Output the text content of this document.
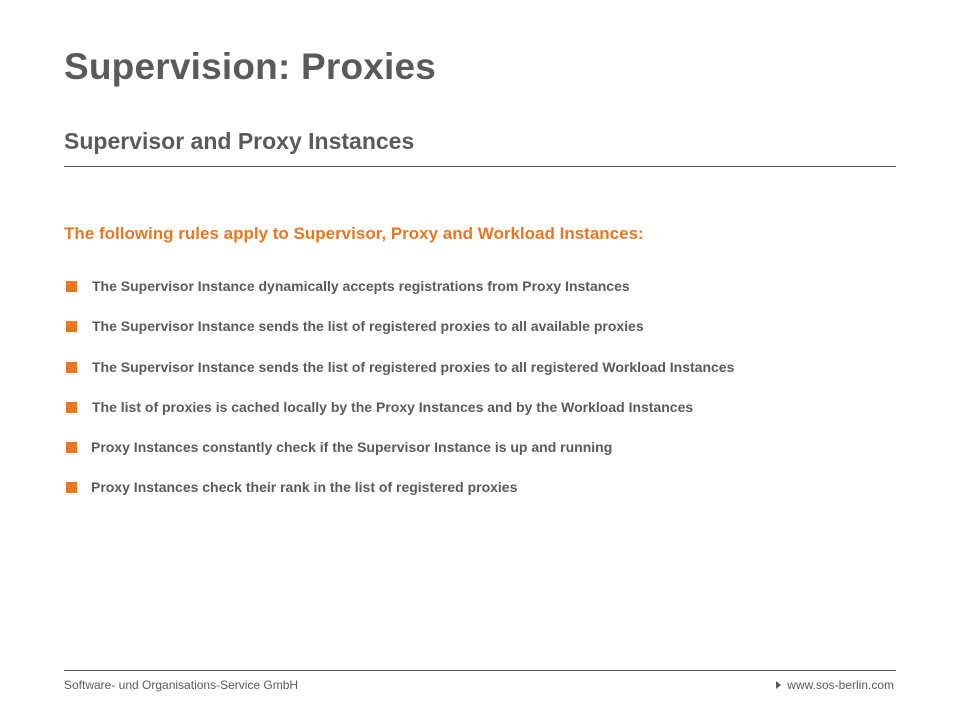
Supervision: Proxies
Supervisor and Proxy Instances

The following rules apply to Supervisor, Proxy and Workload Instances:

The Supervisor Instance dynamically accepts registrations from Proxy Instances
The Supervisor Instance sends the list of registered proxies to all available proxies
The Supervisor Instance sends the list of registered proxies to all registered Workload Instances
The list of proxies is cached locally by the Proxy Instances and by the Workload Instances
Proxy Instances constantly check if the Supervisor Instance is up and running
Proxy Instances check their rank in the list of registered proxies
Software- und Organisations-Service GmbH	www.sos-berlin.com
